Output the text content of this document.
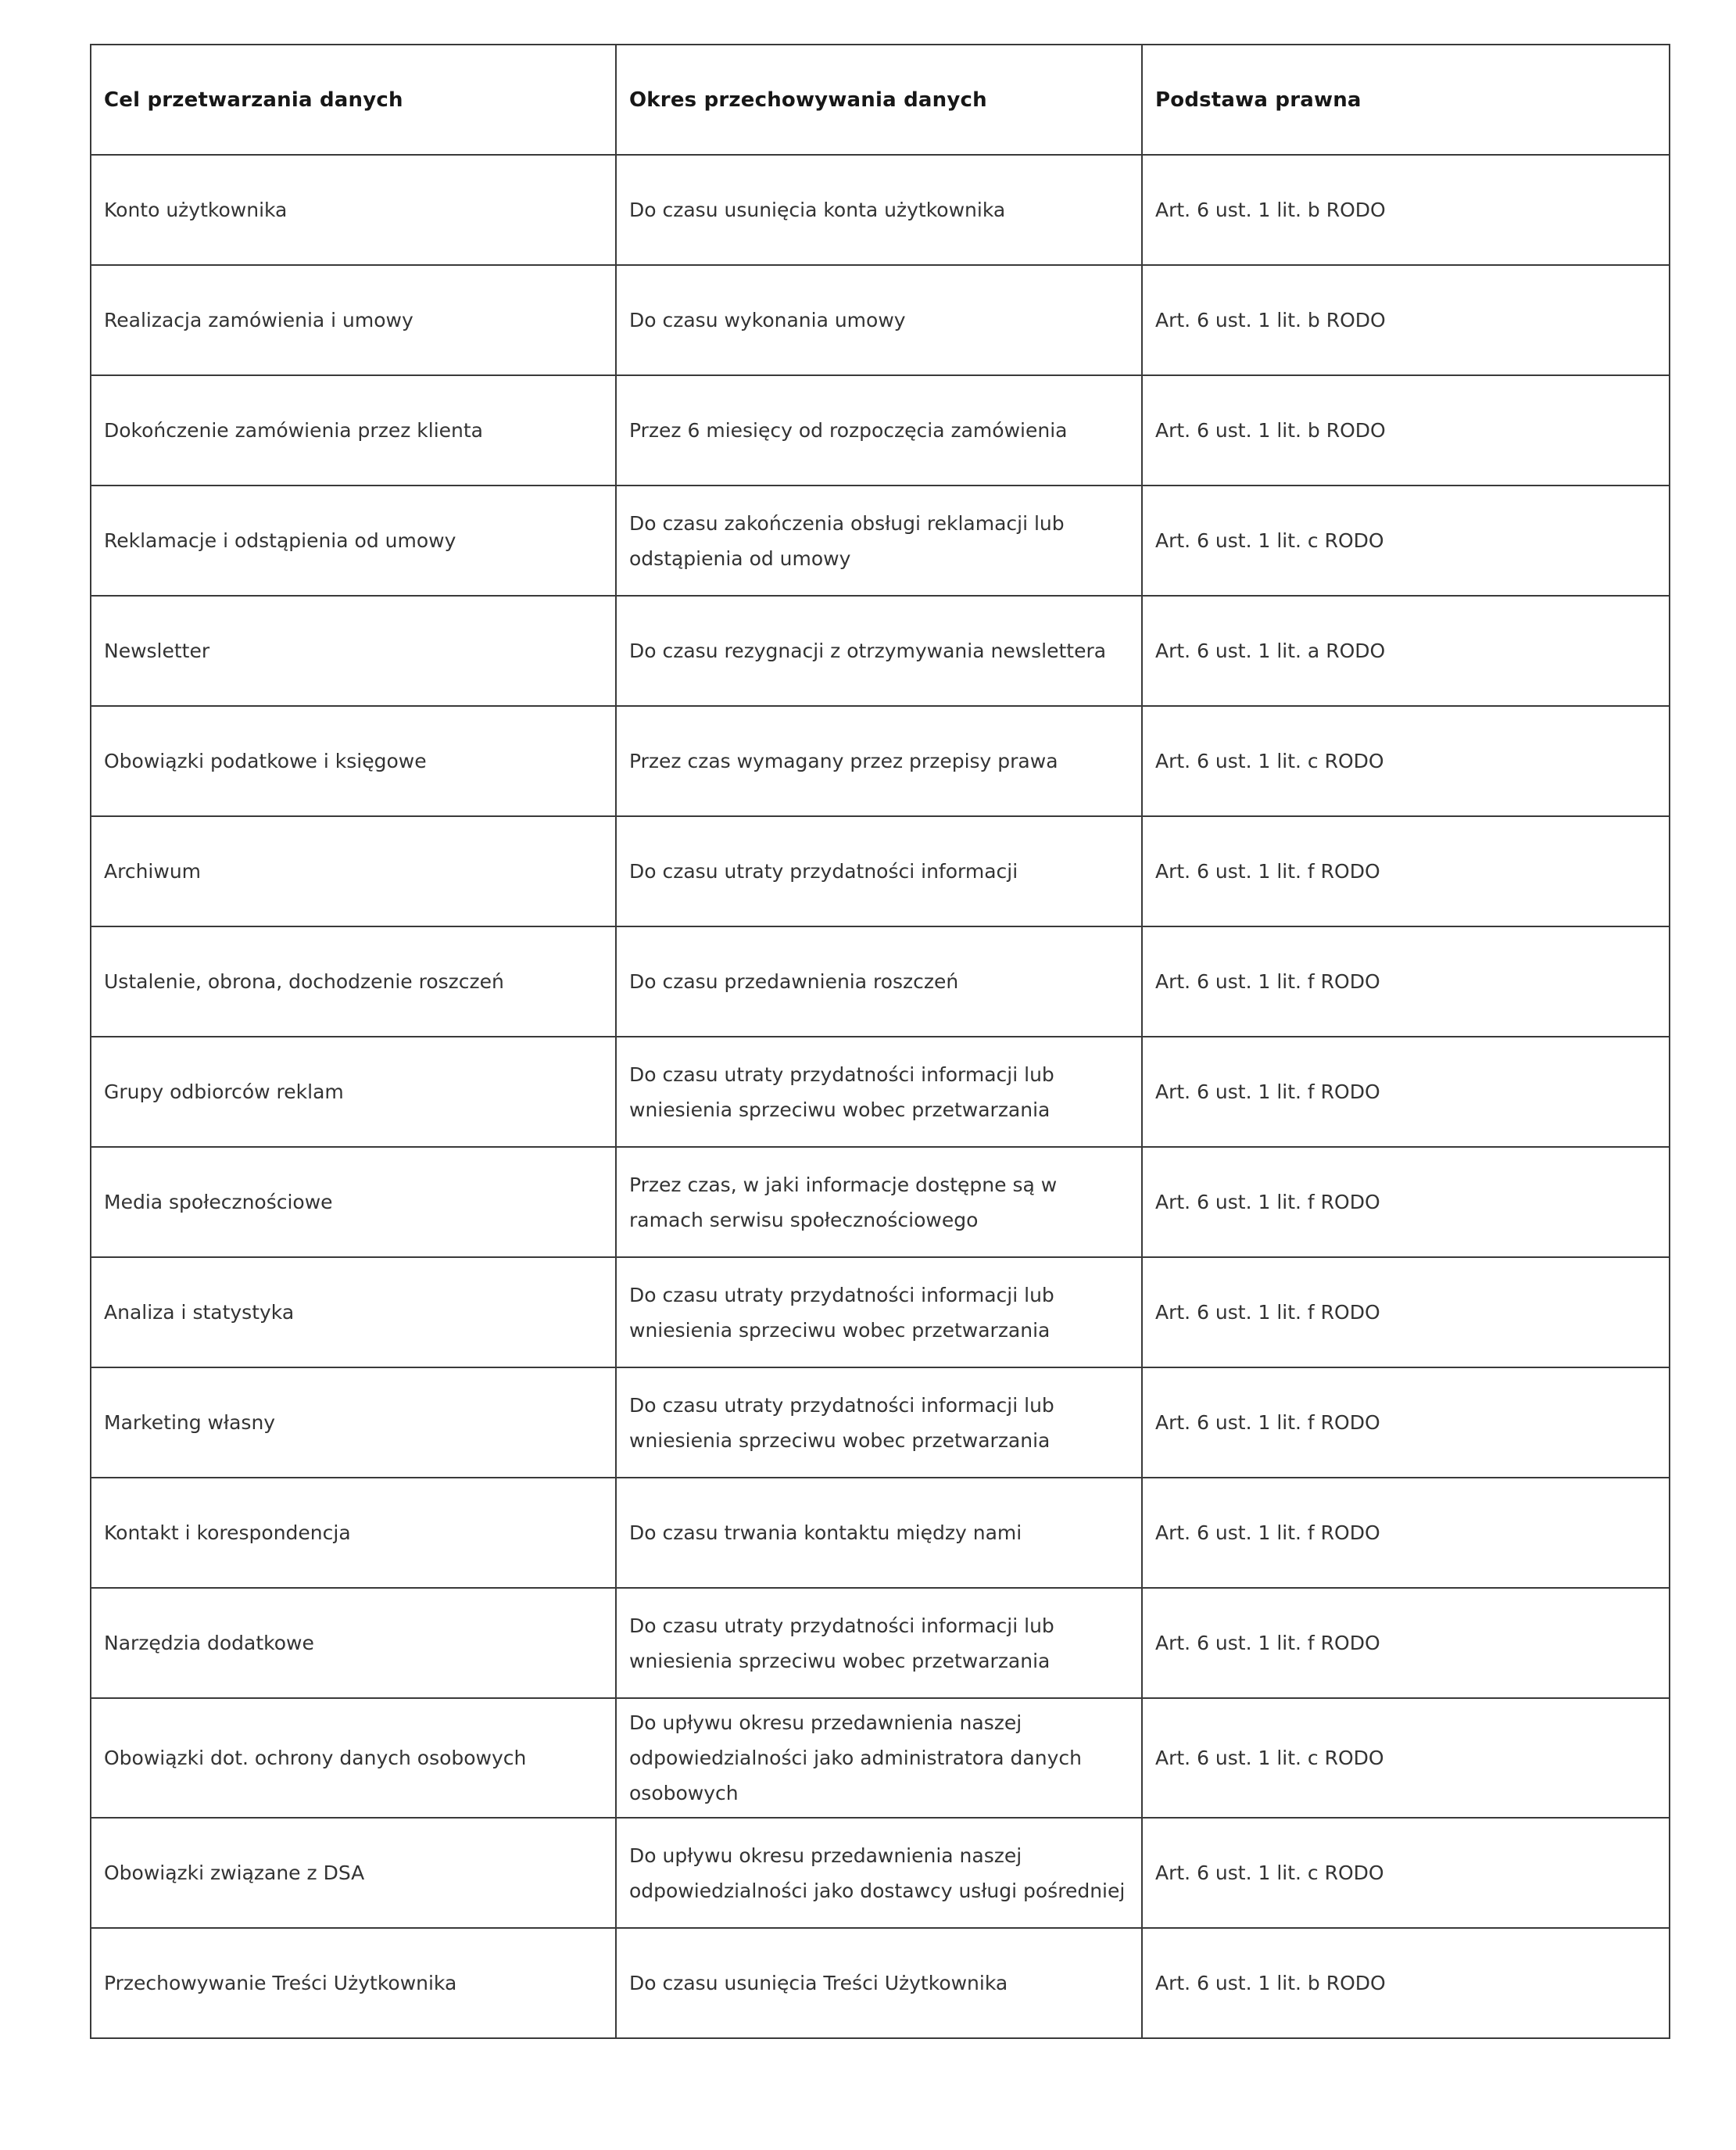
Cel przetwarzania danych	Okres przechowywania danych	Podstawa prawna
Konto użytkownika	Do czasu usunięcia konta użytkownika	Art. 6 ust. 1 lit. b RODO
Realizacja zamówienia i umowy	Do czasu wykonania umowy	Art. 6 ust. 1 lit. b RODO
Dokończenie zamówienia przez klienta	Przez 6 miesięcy od rozpoczęcia zamówienia	Art. 6 ust. 1 lit. b RODO
Reklamacje i odstąpienia od umowy	Do czasu zakończenia obsługi reklamacji lub odstąpienia od umowy	Art. 6 ust. 1 lit. c RODO
Newsletter	Do czasu rezygnacji z otrzymywania newslettera	Art. 6 ust. 1 lit. a RODO
Obowiązki podatkowe i księgowe	Przez czas wymagany przez przepisy prawa	Art. 6 ust. 1 lit. c RODO
Archiwum	Do czasu utraty przydatności informacji	Art. 6 ust. 1 lit. f RODO
Ustalenie, obrona, dochodzenie roszczeń	Do czasu przedawnienia roszczeń	Art. 6 ust. 1 lit. f RODO
Grupy odbiorców reklam	Do czasu utraty przydatności informacji lub wniesienia sprzeciwu wobec przetwarzania	Art. 6 ust. 1 lit. f RODO
Media społecznościowe	Przez czas, w jaki informacje dostępne są w ramach serwisu społecznościowego	Art. 6 ust. 1 lit. f RODO
Analiza i statystyka	Do czasu utraty przydatności informacji lub wniesienia sprzeciwu wobec przetwarzania	Art. 6 ust. 1 lit. f RODO
Marketing własny	Do czasu utraty przydatności informacji lub wniesienia sprzeciwu wobec przetwarzania	Art. 6 ust. 1 lit. f RODO
Kontakt i korespondencja	Do czasu trwania kontaktu między nami	Art. 6 ust. 1 lit. f RODO
Narzędzia dodatkowe	Do czasu utraty przydatności informacji lub wniesienia sprzeciwu wobec przetwarzania	Art. 6 ust. 1 lit. f RODO
Obowiązki dot. ochrony danych osobowych	Do upływu okresu przedawnienia naszej odpowiedzialności jako administratora danych osobowych	Art. 6 ust. 1 lit. c RODO
Obowiązki związane z DSA	Do upływu okresu przedawnienia naszej odpowiedzialności jako dostawcy usługi pośredniej	Art. 6 ust. 1 lit. c RODO
Przechowywanie Treści Użytkownika	Do czasu usunięcia Treści Użytkownika	Art. 6 ust. 1 lit. b RODO
